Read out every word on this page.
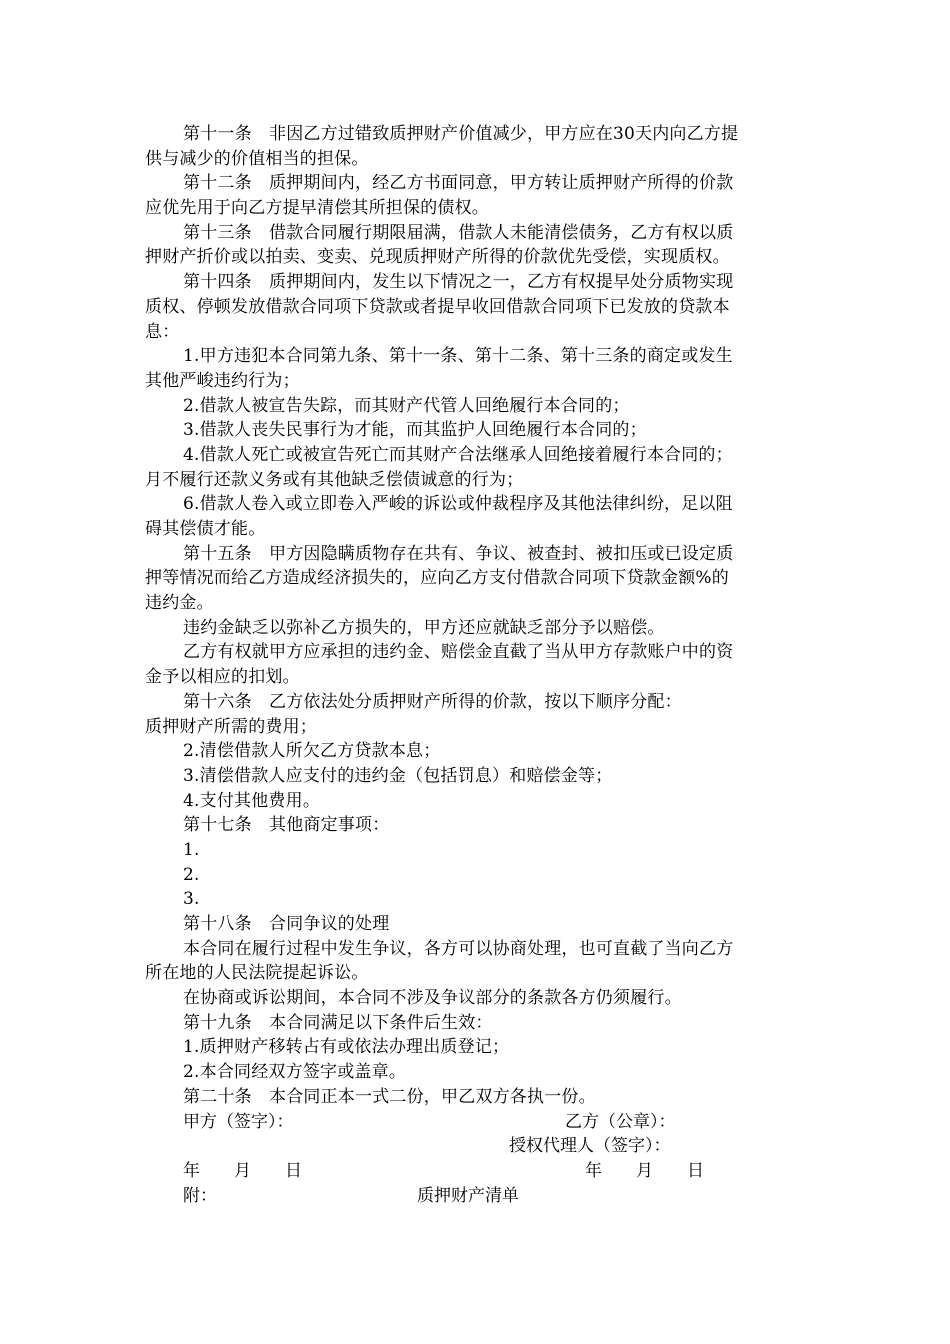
第十一条　非因乙方过错致质押财产价值减少，甲方应在30天内向乙方提
供与减少的价值相当的担保。
第十二条　质押期间内，经乙方书面同意，甲方转让质押财产所得的价款
应优先用于向乙方提早清偿其所担保的债权。
第十三条　借款合同履行期限届满，借款人未能清偿债务，乙方有权以质
押财产折价或以拍卖、变卖、兑现质押财产所得的价款优先受偿，实现质权。
第十四条　质押期间内，发生以下情况之一，乙方有权提早处分质物实现
质权、停顿发放借款合同项下贷款或者提早收回借款合同项下已发放的贷款本
息：
1.甲方违犯本合同第九条、第十一条、第十二条、第十三条的商定或发生
其他严峻违约行为；
2.借款人被宣告失踪，而其财产代管人回绝履行本合同的；
3.借款人丧失民事行为才能，而其监护人回绝履行本合同的；
4.借款人死亡或被宣告死亡而其财产合法继承人回绝接着履行本合同的；
月不履行还款义务或有其他缺乏偿债诚意的行为；
6.借款人卷入或立即卷入严峻的诉讼或仲裁程序及其他法律纠纷，足以阻
碍其偿债才能。
第十五条　甲方因隐瞒质物存在共有、争议、被查封、被扣压或已设定质
押等情况而给乙方造成经济损失的，应向乙方支付借款合同项下贷款金额%的
违约金。
违约金缺乏以弥补乙方损失的，甲方还应就缺乏部分予以赔偿。
乙方有权就甲方应承担的违约金、赔偿金直截了当从甲方存款账户中的资
金予以相应的扣划。
第十六条　乙方依法处分质押财产所得的价款，按以下顺序分配：
质押财产所需的费用；
2.清偿借款人所欠乙方贷款本息；
3.清偿借款人应支付的违约金（包括罚息）和赔偿金等；
4.支付其他费用。
第十七条　其他商定事项：
1.
2.
3.
第十八条　合同争议的处理
本合同在履行过程中发生争议，各方可以协商处理，也可直截了当向乙方
所在地的人民法院提起诉讼。
在协商或诉讼期间，本合同不涉及争议部分的条款各方仍须履行。
第十九条　本合同满足以下条件后生效：
1.质押财产移转占有或依法办理出质登记；
2.本合同经双方签字或盖章。
第二十条　本合同正本一式二份，甲乙双方各执一份。
甲方（签字）：	乙方（公章）：
授权代理人（签字）：
年　　月　　日	年　　月　　日
附：	质押财产清单
